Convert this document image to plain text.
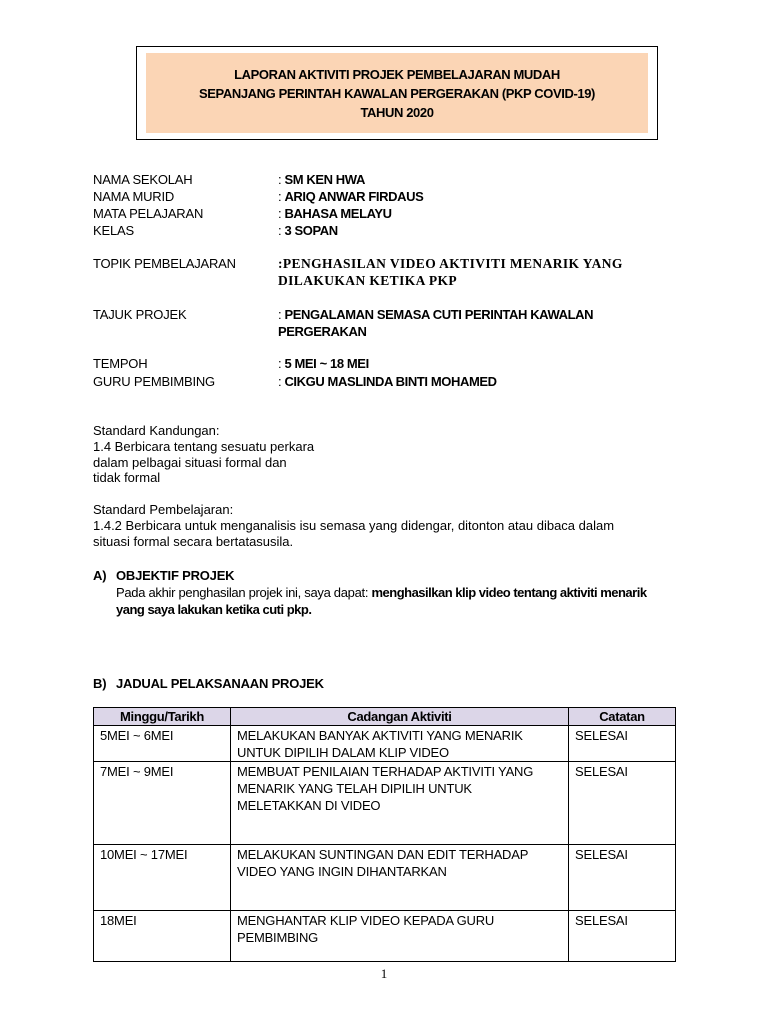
LAPORAN AKTIVITI PROJEK PEMBELAJARAN MUDAH
SEPANJANG PERINTAH KAWALAN PERGERAKAN (PKP COVID-19)
TAHUN 2020
NAMA SEKOLAH	: SM KEN HWA
NAMA MURID	: ARIQ ANWAR FIRDAUS
MATA PELAJARAN	: BAHASA MELAYU
KELAS	: 3 SOPAN
TOPIK PEMBELAJARAN	:PENGHASILAN VIDEO AKTIVITI MENARIK YANG
DILAKUKAN KETIKA PKP
TAJUK PROJEK	: PENGALAMAN SEMASA CUTI PERINTAH KAWALAN
PERGERAKAN
TEMPOH	: 5 MEI ~ 18 MEI
GURU PEMBIMBING	: CIKGU MASLINDA BINTI MOHAMED
Standard Kandungan:
1.4 Berbicara tentang sesuatu perkara
dalam pelbagai situasi formal dan
tidak formal
Standard Pembelajaran:
1.4.2 Berbicara untuk menganalisis isu semasa yang didengar, ditonton atau dibaca dalam
situasi formal secara bertatasusila.
A) OBJEKTIF PROJEK
Pada akhir penghasilan projek ini, saya dapat: menghasilkan klip video tentang aktiviti menarik
yang saya lakukan ketika cuti pkp.
B) JADUAL PELAKSANAAN PROJEK
Minggu/Tarikh	Cadangan Aktiviti	Catatan
5MEI ~ 6MEI	MELAKUKAN BANYAK AKTIVITI YANG MENARIK
UNTUK DIPILIH DALAM KLIP VIDEO	SELESAI
7MEI ~ 9MEI	MEMBUAT PENILAIAN TERHADAP AKTIVITI YANG
MENARIK YANG TELAH DIPILIH UNTUK
MELETAKKAN DI VIDEO	SELESAI
10MEI ~ 17MEI	MELAKUKAN SUNTINGAN DAN EDIT TERHADAP
VIDEO YANG INGIN DIHANTARKAN	SELESAI
18MEI	MENGHANTAR KLIP VIDEO KEPADA GURU
PEMBIMBING	SELESAI
1
